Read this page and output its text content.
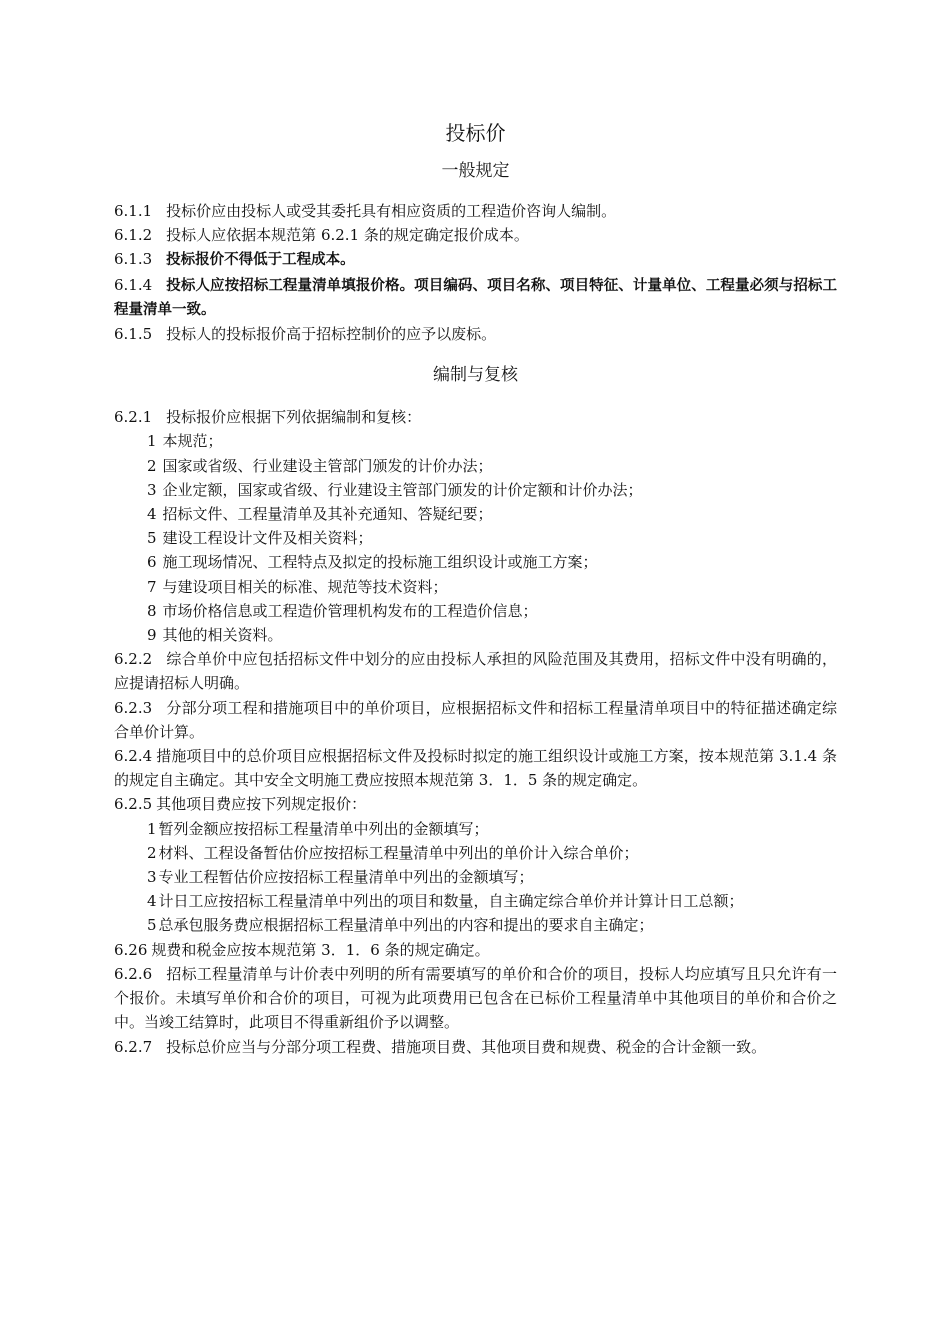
投标价
一般规定

6.1.1 投标价应由投标人或受其委托具有相应资质的工程造价咨询人编制。

6.1.2 投标人应依据本规范第 6.2.1 条的规定确定报价成本。

6.1.3 投标报价不得低于工程成本。

6.1.4 投标人应按招标工程量清单填报价格。项目编码、项目名称、项目特征、计量单位、工程量必须与招标工程量清单一致。

6.1.5 投标人的投标报价高于招标控制价的应予以废标。

编制与复核

6.2.1 投标报价应根据下列依据编制和复核：

1 本规范；

2 国家或省级、行业建设主管部门颁发的计价办法；

3 企业定额，国家或省级、行业建设主管部门颁发的计价定额和计价办法；

4 招标文件、工程量清单及其补充通知、答疑纪要；

5 建设工程设计文件及相关资料；

6 施工现场情况、工程特点及拟定的投标施工组织设计或施工方案；

7 与建设项目相关的标准、规范等技术资料；

8 市场价格信息或工程造价管理机构发布的工程造价信息；

9 其他的相关资料。

6.2.2 综合单价中应包括招标文件中划分的应由投标人承担的风险范围及其费用，招标文件中没有明确的，应提请招标人明确。

6.2.3 分部分项工程和措施项目中的单价项目，应根据招标文件和招标工程量清单项目中的特征描述确定综合单价计算。

6.2.4 措施项目中的总价项目应根据招标文件及投标时拟定的施工组织设计或施工方案，按本规范第 3.1.4 条的规定自主确定。其中安全文明施工费应按照本规范第 3．1．5 条的规定确定。

6.2.5 其他项目费应按下列规定报价：

1 暂列金额应按招标工程量清单中列出的金额填写；

2 材料、工程设备暂估价应按招标工程量清单中列出的单价计入综合单价；

3 专业工程暂估价应按招标工程量清单中列出的金额填写；

4 计日工应按招标工程量清单中列出的项目和数量，自主确定综合单价并计算计日工总额；

5 总承包服务费应根据招标工程量清单中列出的内容和提出的要求自主确定；

6.26 规费和税金应按本规范第 3．1．6 条的规定确定。

6.2.6 招标工程量清单与计价表中列明的所有需要填写的单价和合价的项目，投标人均应填写且只允许有一个报价。未填写单价和合价的项目，可视为此项费用已包含在已标价工程量清单中其他项目的单价和合价之中。当竣工结算时，此项目不得重新组价予以调整。

6.2.7 投标总价应当与分部分项工程费、措施项目费、其他项目费和规费、税金的合计金额一致。
